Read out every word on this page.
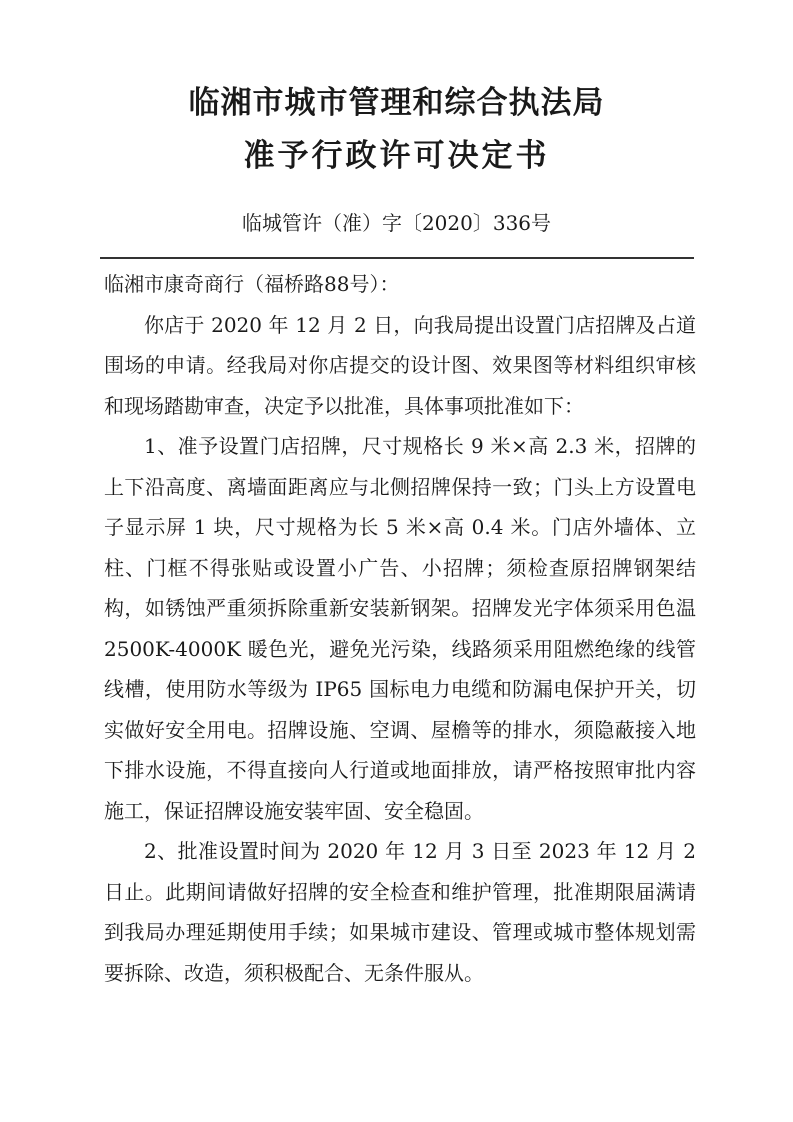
临湘市城市管理和综合执法局
准予行政许可决定书
临城管许（准）字〔2020〕336号

临湘市康奇商行（福桥路88号）：

你店于 2020 年 12 月 2 日，向我局提出设置门店招牌及占道围场的申请。经我局对你店提交的设计图、效果图等材料组织审核和现场踏勘审查，决定予以批准，具体事项批准如下：

1、准予设置门店招牌，尺寸规格长 9 米×高 2.3 米，招牌的上下沿高度、离墙面距离应与北侧招牌保持一致；门头上方设置电子显示屏 1 块，尺寸规格为长 5 米×高 0.4 米。门店外墙体、立柱、门框不得张贴或设置小广告、小招牌；须检查原招牌钢架结构，如锈蚀严重须拆除重新安装新钢架。招牌发光字体须采用色温 2500K-4000K 暖色光，避免光污染，线路须采用阻燃绝缘的线管线槽，使用防水等级为 IP65 国标电力电缆和防漏电保护开关，切实做好安全用电。招牌设施、空调、屋檐等的排水，须隐蔽接入地下排水设施，不得直接向人行道或地面排放，请严格按照审批内容施工，保证招牌设施安装牢固、安全稳固。

2、批准设置时间为 2020 年 12 月 3 日至 2023 年 12 月 2 日止。此期间请做好招牌的安全检查和维护管理，批准期限届满请到我局办理延期使用手续；如果城市建设、管理或城市整体规划需要拆除、改造，须积极配合、无条件服从。
